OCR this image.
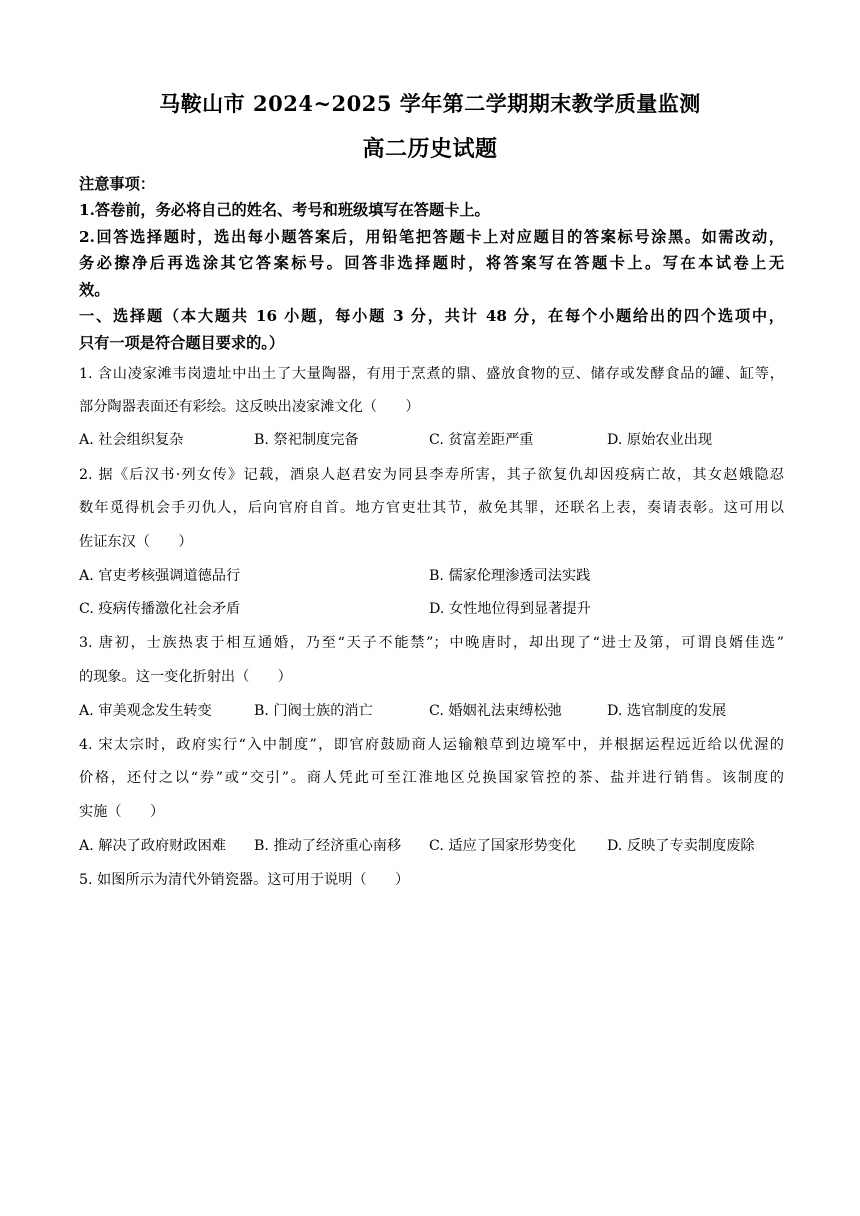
马鞍山市 2024~2025 学年第二学期期末教学质量监测
高二历史试题
注意事项：
1.答卷前，务必将自己的姓名、考号和班级填写在答题卡上。
2.回答选择题时，选出每小题答案后，用铅笔把答题卡上对应题目的答案标号涂黑。如需改动，
务必擦净后再选涂其它答案标号。回答非选择题时，将答案写在答题卡上。写在本试卷上无
效。
一、选择题（本大题共 16 小题，每小题 3 分，共计 48 分，在每个小题给出的四个选项中，
只有一项是符合题目要求的。）
1. 含山凌家滩韦岗遗址中出土了大量陶器，有用于烹煮的鼎、盛放食物的豆、储存或发酵食品的罐、缸等，
部分陶器表面还有彩绘。这反映出凌家滩文化（　　）
A. 社会组织复杂	B. 祭祀制度完备	C. 贫富差距严重	D. 原始农业出现
2. 据《后汉书·列女传》记载，酒泉人赵君安为同县李寿所害，其子欲复仇却因疫病亡故，其女赵娥隐忍
数年觅得机会手刃仇人，后向官府自首。地方官吏壮其节，赦免其罪，还联名上表，奏请表彰。这可用以
佐证东汉（　　）
A. 官吏考核强调道德品行	B. 儒家伦理渗透司法实践
C. 疫病传播激化社会矛盾	D. 女性地位得到显著提升
3. 唐初，士族热衷于相互通婚，乃至“天子不能禁”；中晚唐时，却出现了“进士及第，可谓良婿佳选”
的现象。这一变化折射出（　　）
A. 审美观念发生转变	B. 门阀士族的消亡	C. 婚姻礼法束缚松弛	D. 选官制度的发展
4. 宋太宗时，政府实行“入中制度”，即官府鼓励商人运输粮草到边境军中，并根据运程远近给以优渥的
价格，还付之以“券”或“交引”。商人凭此可至江淮地区兑换国家管控的茶、盐并进行销售。该制度的
实施（　　）
A. 解决了政府财政困难 B. 推动了经济重心南移 C. 适应了国家形势变化 D. 反映了专卖制度废除
5. 如图所示为清代外销瓷器。这可用于说明（　　）
